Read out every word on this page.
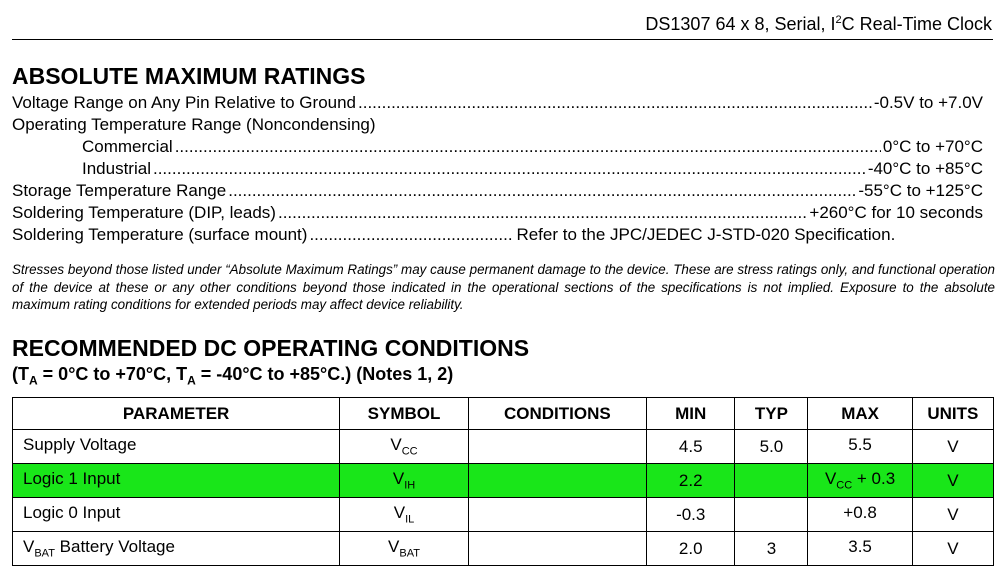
DS1307 64 x 8, Serial, $I^2C$ Real-Time Clock
ABSOLUTE MAXIMUM RATINGS
Voltage Range on Any Pin Relative to Ground .....	-0.5V to +7.0V
Operating Temperature Range (Noncondensing)
Commercial .....	0°C to +70°C
Industrial .....	-40°C to +85°C
Storage Temperature Range .....	-55°C to +125°C
Soldering Temperature (DIP, leads) .....	+260°C for 10 seconds
Soldering Temperature (surface mount) .....	Refer to the JPC/JEDEC J-STD-020 Specification.
Stresses beyond those listed under “Absolute Maximum Ratings” may cause permanent damage to the device. These are stress ratings only, and functional operation of the device at these or any other conditions beyond those indicated in the operational sections of the specifications is not implied. Exposure to the absolute maximum rating conditions for extended periods may affect device reliability.
RECOMMENDED DC OPERATING CONDITIONS
($T_A = 0^\circ C$ to +70°C, $T_A = -40^\circ C$ to +85°C.) (Notes 1, 2)
PARAMETER	SYMBOL	CONDITIONS	MIN	TYP	MAX	UNITS
Supply Voltage	$V_{CC}$		4.5	5.0	5.5	V
Logic 1 Input	$V_{IH}$		2.2		$V_{CC} + 0.3$	V
Logic 0 Input	$V_{IL}$		-0.3		+0.8	V
$V_{BAT}$ Battery Voltage	$V_{BAT}$		2.0	3	3.5	V
